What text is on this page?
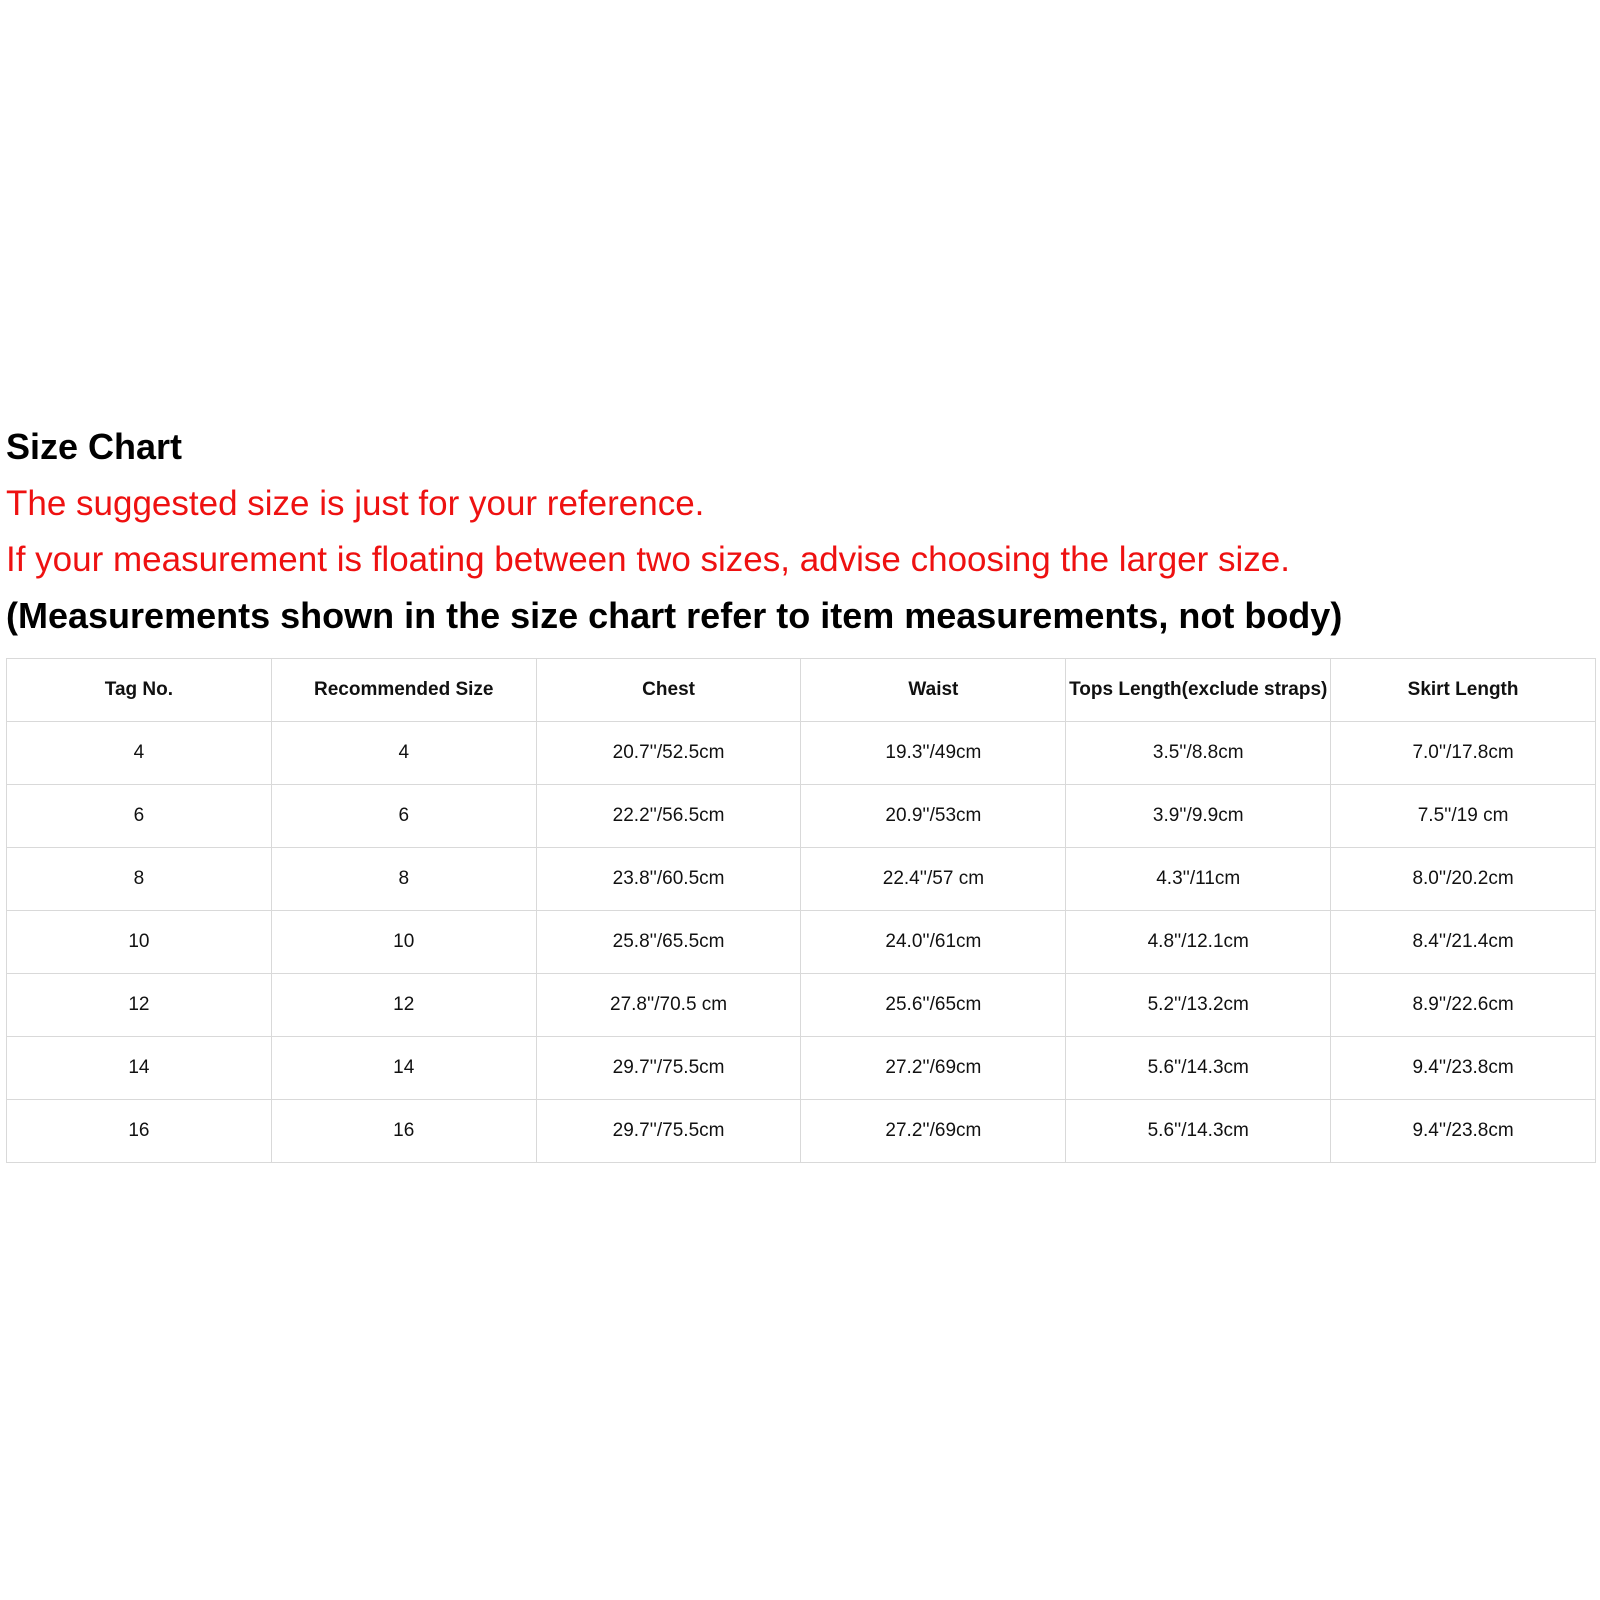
Size Chart
The suggested size is just for your reference.
If your measurement is floating between two sizes, advise choosing the larger size.
(Measurements shown in the size chart refer to item measurements, not body)
Tag No.	Recommended Size	Chest	Waist	Tops Length(exclude straps)	Skirt Length
4	4	20.7''/52.5cm	19.3''/49cm	3.5''/8.8cm	7.0''/17.8cm
6	6	22.2''/56.5cm	20.9''/53cm	3.9''/9.9cm	7.5''/19 cm
8	8	23.8''/60.5cm	22.4''/57 cm	4.3''/11cm	8.0''/20.2cm
10	10	25.8''/65.5cm	24.0''/61cm	4.8''/12.1cm	8.4''/21.4cm
12	12	27.8''/70.5 cm	25.6''/65cm	5.2''/13.2cm	8.9''/22.6cm
14	14	29.7''/75.5cm	27.2''/69cm	5.6''/14.3cm	9.4''/23.8cm
16	16	29.7''/75.5cm	27.2''/69cm	5.6''/14.3cm	9.4''/23.8cm
